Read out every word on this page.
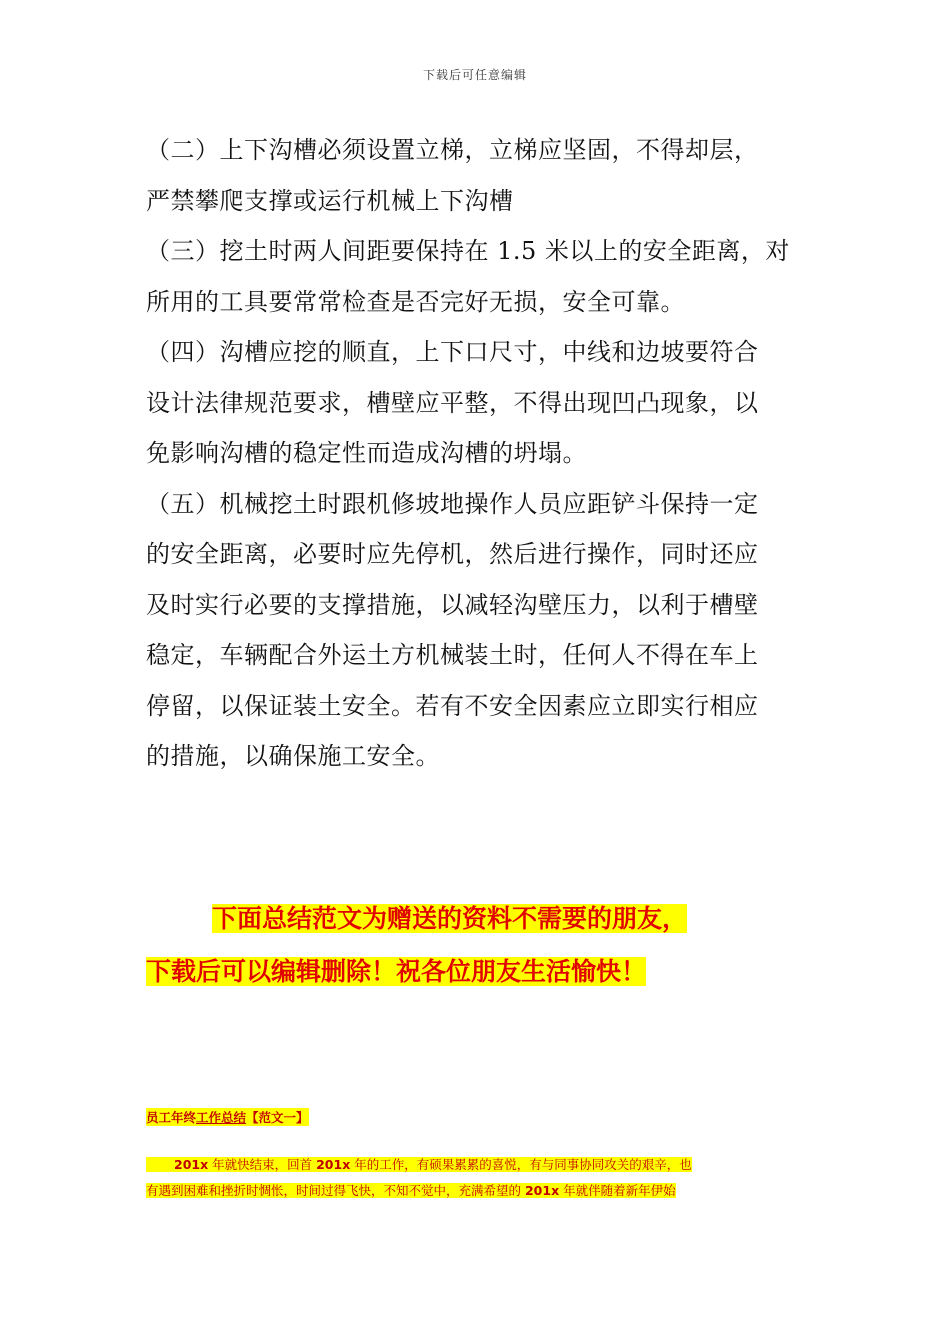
下载后可任意编辑

（二）上下沟槽必须设置立梯，立梯应坚固，不得却层，

严禁攀爬支撑或运行机械上下沟槽

（三）挖土时两人间距要保持在 1.5 米以上的安全距离，对

所用的工具要常常检查是否完好无损，安全可靠。

（四）沟槽应挖的顺直，上下口尺寸，中线和边坡要符合

设计法律规范要求，槽壁应平整，不得出现凹凸现象，以

免影响沟槽的稳定性而造成沟槽的坍塌。

（五）机械挖土时跟机修坡地操作人员应距铲斗保持一定

的安全距离，必要时应先停机，然后进行操作，同时还应

及时实行必要的支撑措施，以减轻沟壁压力，以利于槽壁

稳定，车辆配合外运土方机械装土时，任何人不得在车上

停留，以保证装土安全。若有不安全因素应立即实行相应

的措施，以确保施工安全。

下面总结范文为赠送的资料不需要的朋友，

下载后可以编辑删除！祝各位朋友生活愉快！

员工年终工作总结【范文一】

201x 年就快结束，回首 201x 年的工作，有硕果累累的喜悦，有与同事协同攻关的艰辛，也

有遇到困难和挫折时惆怅，时间过得飞快，不知不觉中，充满希望的 201x 年就伴随着新年伊始
